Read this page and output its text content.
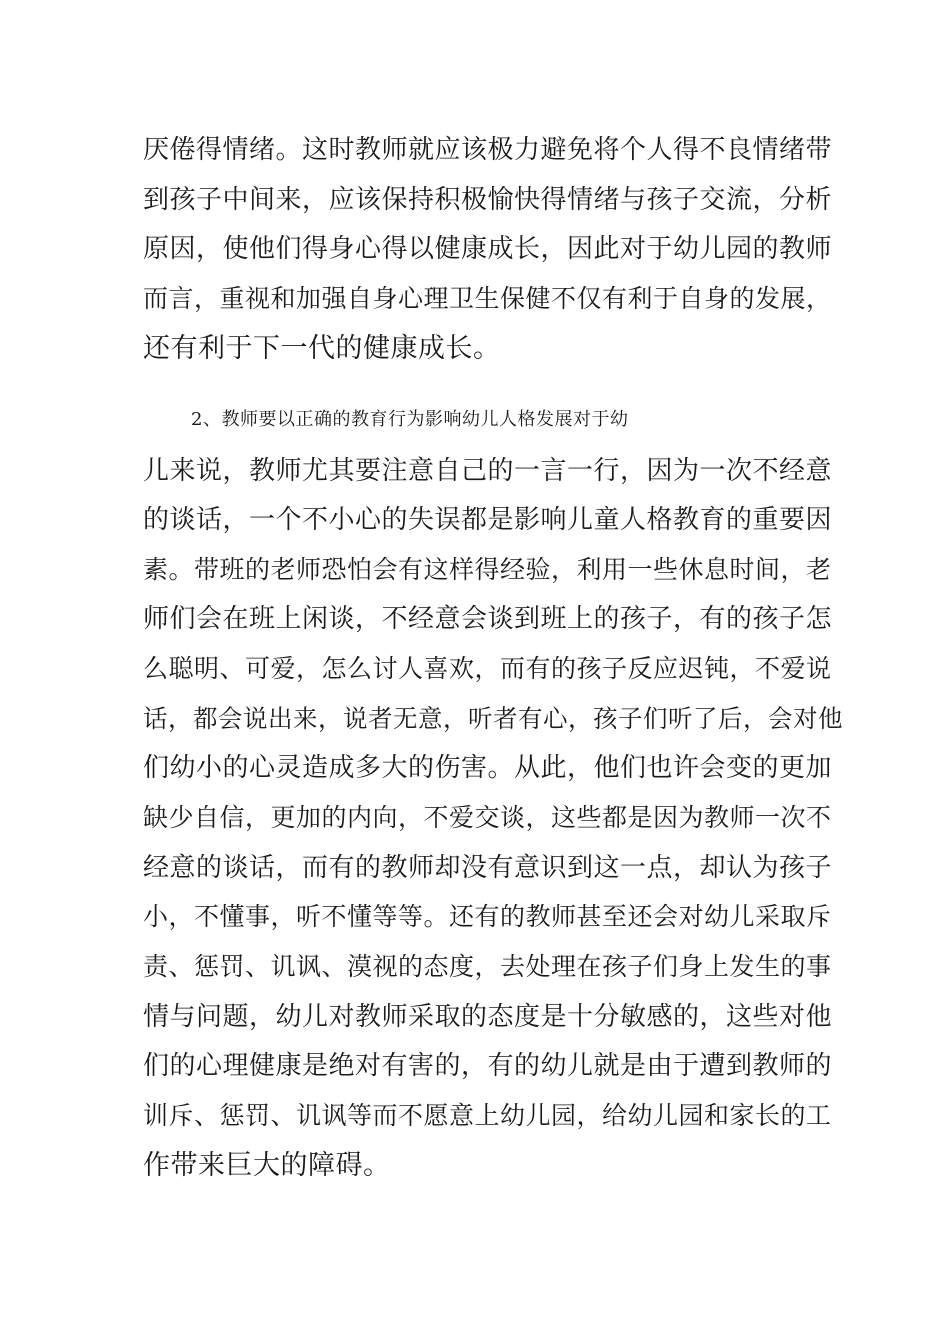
厌倦得情绪。这时教师就应该极力避免将个人得不良情绪带
到孩子中间来，应该保持积极愉快得情绪与孩子交流，分析
原因，使他们得身心得以健康成长，因此对于幼儿园的教师
而言，重视和加强自身心理卫生保健不仅有利于自身的发展，
还有利于下一代的健康成长。
2、教师要以正确的教育行为影响幼儿人格发展对于幼
儿来说，教师尤其要注意自己的一言一行，因为一次不经意
的谈话，一个不小心的失误都是影响儿童人格教育的重要因
素。带班的老师恐怕会有这样得经验，利用一些休息时间，老
师们会在班上闲谈，不经意会谈到班上的孩子，有的孩子怎
么聪明、可爱，怎么讨人喜欢，而有的孩子反应迟钝，不爱说
话，都会说出来，说者无意，听者有心，孩子们听了后，会对他
们幼小的心灵造成多大的伤害。从此，他们也许会变的更加
缺少自信，更加的内向，不爱交谈，这些都是因为教师一次不
经意的谈话，而有的教师却没有意识到这一点，却认为孩子
小，不懂事，听不懂等等。还有的教师甚至还会对幼儿采取斥
责、惩罚、讥讽、漠视的态度，去处理在孩子们身上发生的事
情与问题，幼儿对教师采取的态度是十分敏感的，这些对他
们的心理健康是绝对有害的，有的幼儿就是由于遭到教师的
训斥、惩罚、讥讽等而不愿意上幼儿园，给幼儿园和家长的工
作带来巨大的障碍。
